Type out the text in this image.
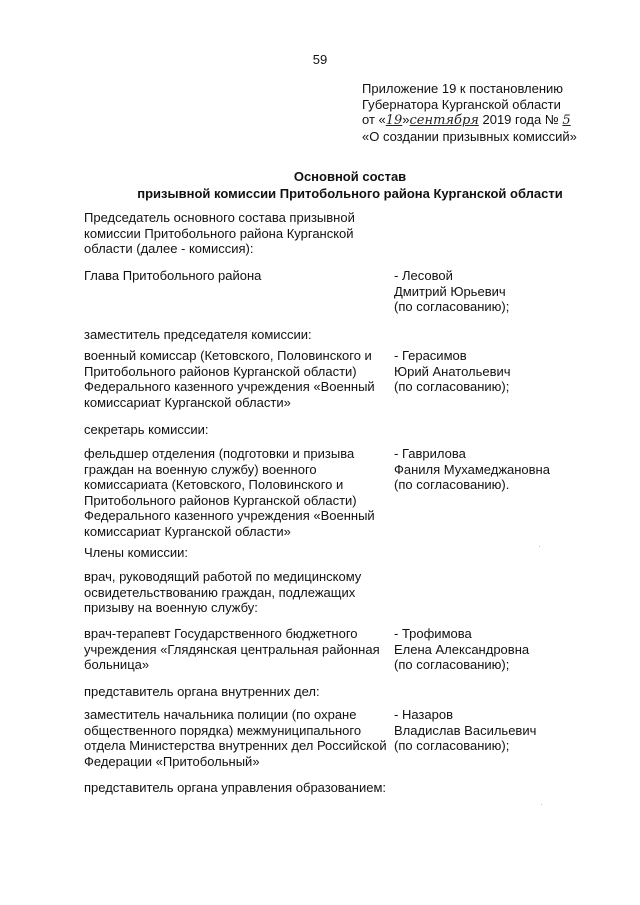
59
Приложение 19 к постановлению
Губернатора Курганской области
от «19»сентября 2019 года № 5
«О создании призывных комиссий»
Основной состав
призывной комиссии Притобольного района Курганской области
Председатель основного состава призывной
комиссии Притобольного района Курганской
области (далее - комиссия):
Глава Притобольного района	- Лесовой
Дмитрий Юрьевич
(по согласованию);
заместитель председателя комиссии:
военный комиссар (Кетовского, Половинского и
Притобольного районов Курганской области)
Федерального казенного учреждения «Военный
комиссариат Курганской области»
- Герасимов
Юрий Анатольевич
(по согласованию);
секретарь комиссии:
фельдшер отделения (подготовки и призыва
граждан на военную службу) военного
комиссариата (Кетовского, Половинского и
Притобольного районов Курганской области)
Федерального казенного учреждения «Военный
комиссариат Курганской области»
- Гаврилова
Фаниля Мухамеджановна
(по согласованию).
Члены комиссии:
врач, руководящий работой по медицинскому
освидетельствованию граждан, подлежащих
призыву на военную службу:
врач-терапевт Государственного бюджетного
учреждения «Глядянская центральная районная
больница»
- Трофимова
Елена Александровна
(по согласованию);
представитель органа внутренних дел:
заместитель начальника полиции (по охране
общественного порядка) межмуниципального
отдела Министерства внутренних дел Российской
Федерации «Притобольный»
- Назаров
Владислав Васильевич
(по согласованию);
представитель органа управления образованием:
